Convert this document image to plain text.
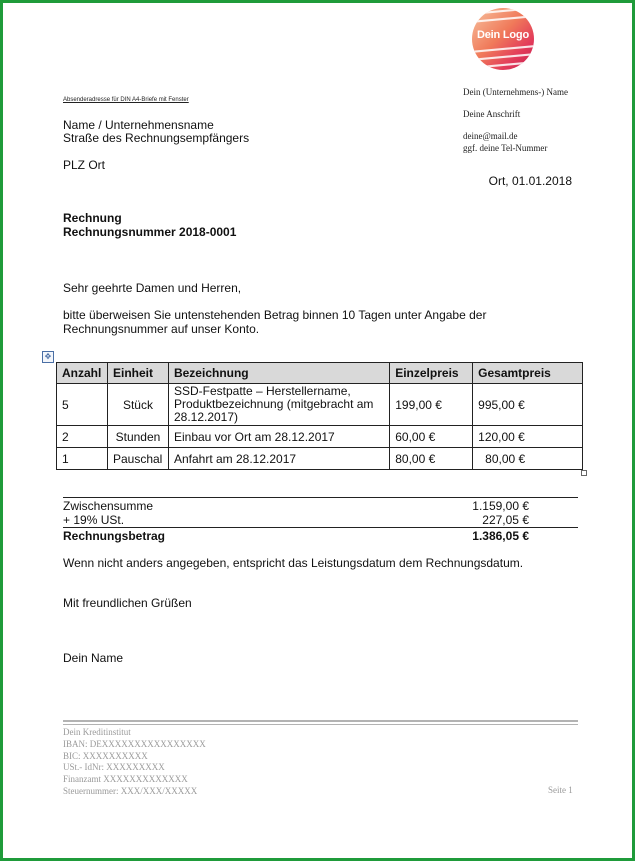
Dein Logo
Absenderadresse für DIN A4-Briefe mit Fenster
Name / Unternehmensname
Straße des Rechnungsempfängers
PLZ Ort
Dein (Unternehmens-) Name
Deine Anschrift
deine@mail.de
ggf. deine Tel-Nummer
Ort, 01.01.2018
Rechnung
Rechnungsnummer 2018-0001
Sehr geehrte Damen und Herren,
bitte überweisen Sie untenstehenden Betrag binnen 10 Tagen unter Angabe der Rechnungsnummer auf unser Konto.
✥
Anzahl	Einheit	Bezeichnung	Einzelpreis	Gesamtpreis
5	Stück	SSD-Festpatte – Herstellername, Produktbezeichnung (mitgebracht am 28.12.2017)	199,00 €	995,00 €
2	Stunden	Einbau vor Ort am 28.12.2017	60,00 €	120,00 €
1	Pauschal	Anfahrt am 28.12.2017	80,00 €	80,00 €
Zwischensumme	1.159,00 €
+ 19% USt.	227,05 €
Rechnungsbetrag	1.386,05 €
Wenn nicht anders angegeben, entspricht das Leistungsdatum dem Rechnungsdatum.
Mit freundlichen Grüßen
Dein Name
Dein Kreditinstitut
IBAN: DEXXXXXXXXXXXXXXXX
BIC: XXXXXXXXXX
USt.- IdNr: XXXXXXXXX
Finanzamt XXXXXXXXXXXXX
Steuernummer: XXX/XXX/XXXXX	Seite 1
